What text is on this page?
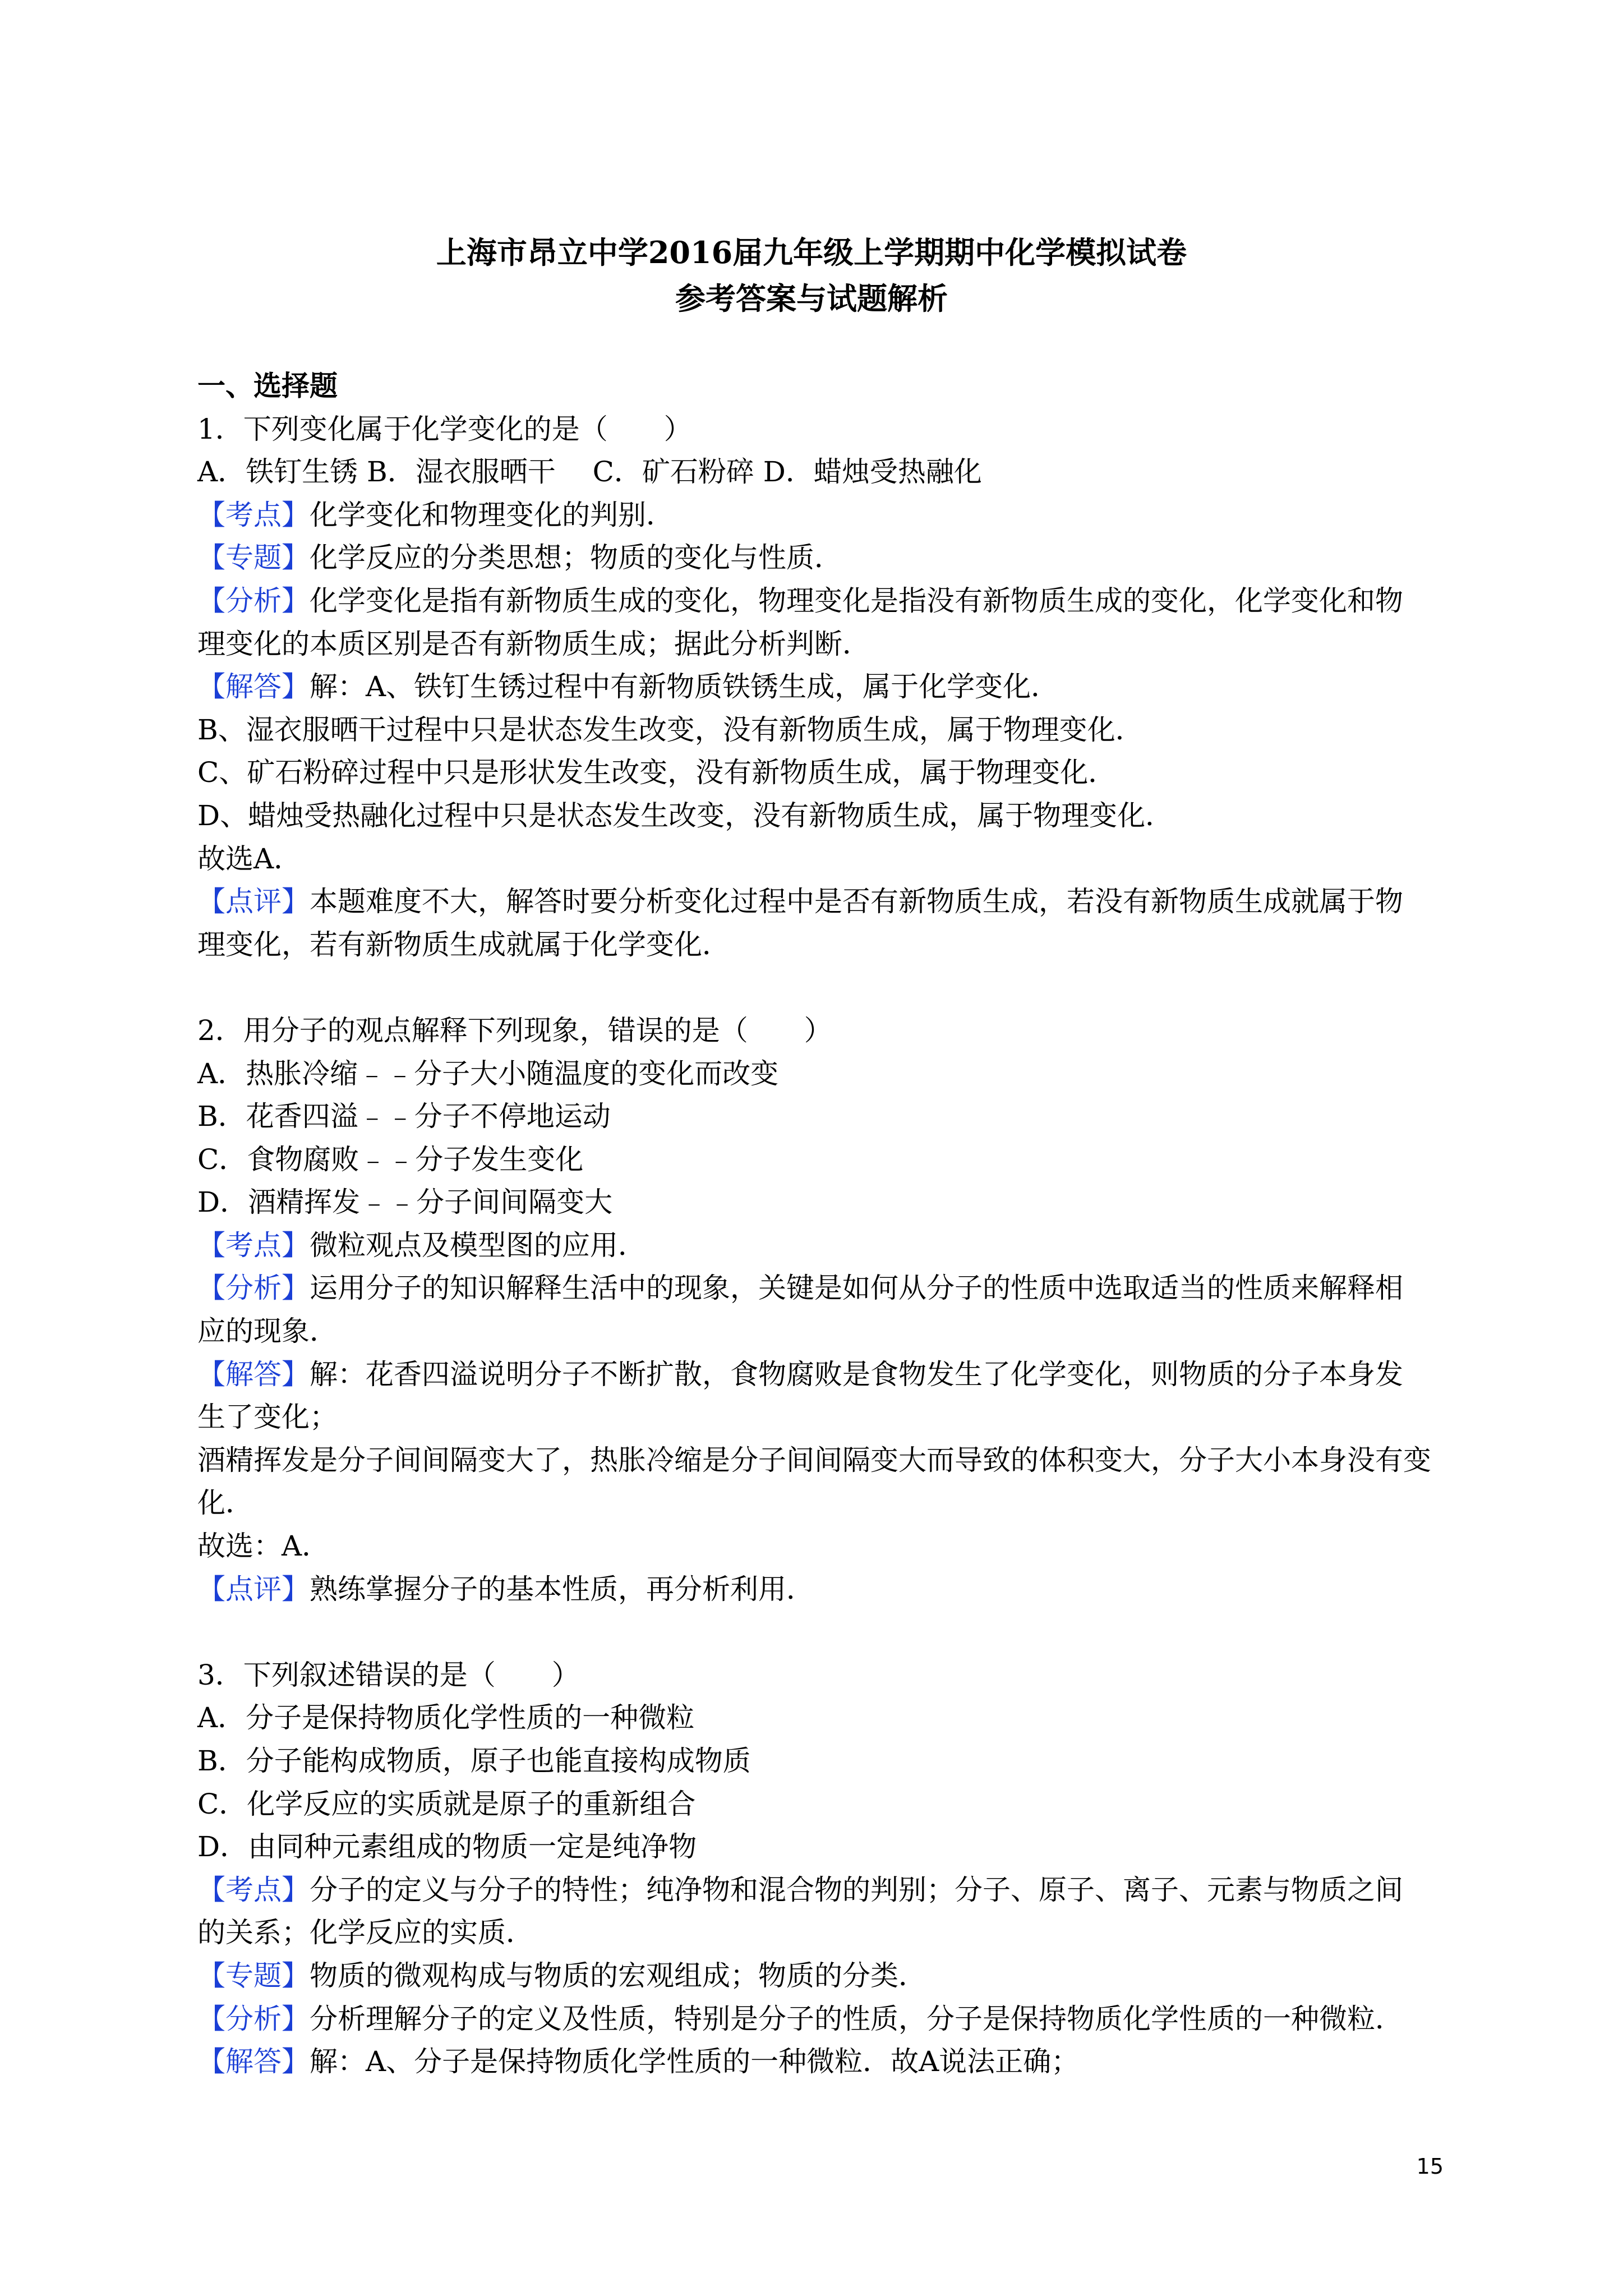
上海市昂立中学2016届九年级上学期期中化学模拟试卷
参考答案与试题解析
一、选择题
1．下列变化属于化学变化的是（　　）
A．铁钉生锈 B．湿衣服晒干　 C．矿石粉碎 D．蜡烛受热融化
【考点】化学变化和物理变化的判别．
【专题】化学反应的分类思想；物质的变化与性质．
【分析】化学变化是指有新物质生成的变化，物理变化是指没有新物质生成的变化，化学变化和物
理变化的本质区别是否有新物质生成；据此分析判断．
【解答】解：A、铁钉生锈过程中有新物质铁锈生成，属于化学变化．
B、湿衣服晒干过程中只是状态发生改变，没有新物质生成，属于物理变化．
C、矿石粉碎过程中只是形状发生改变，没有新物质生成，属于物理变化．
D、蜡烛受热融化过程中只是状态发生改变，没有新物质生成，属于物理变化．
故选A．
【点评】本题难度不大，解答时要分析变化过程中是否有新物质生成，若没有新物质生成就属于物
理变化，若有新物质生成就属于化学变化．
2．用分子的观点解释下列现象，错误的是（　　）
A．热胀冷缩﹣﹣分子大小随温度的变化而改变
B．花香四溢﹣﹣分子不停地运动
C．食物腐败﹣﹣分子发生变化
D．酒精挥发﹣﹣分子间间隔变大
【考点】微粒观点及模型图的应用．
【分析】运用分子的知识解释生活中的现象，关键是如何从分子的性质中选取适当的性质来解释相
应的现象．
【解答】解：花香四溢说明分子不断扩散，食物腐败是食物发生了化学变化，则物质的分子本身发
生了变化；
酒精挥发是分子间间隔变大了，热胀冷缩是分子间间隔变大而导致的体积变大，分子大小本身没有变
化．
故选：A．
【点评】熟练掌握分子的基本性质，再分析利用．
3．下列叙述错误的是（　　）
A．分子是保持物质化学性质的一种微粒
B．分子能构成物质，原子也能直接构成物质
C．化学反应的实质就是原子的重新组合
D．由同种元素组成的物质一定是纯净物
【考点】分子的定义与分子的特性；纯净物和混合物的判别；分子、原子、离子、元素与物质之间
的关系；化学反应的实质．
【专题】物质的微观构成与物质的宏观组成；物质的分类．
【分析】分析理解分子的定义及性质，特别是分子的性质，分子是保持物质化学性质的一种微粒．
【解答】解：A、分子是保持物质化学性质的一种微粒．故A说法正确；
15
